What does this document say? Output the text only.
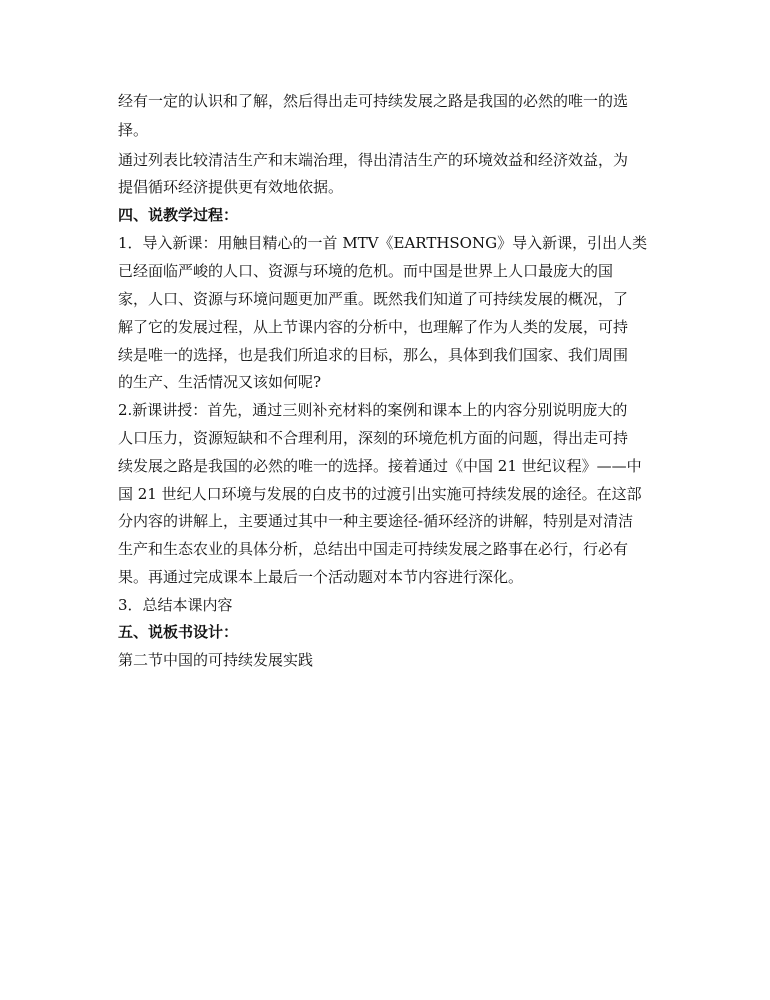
经有一定的认识和了解，然后得出走可持续发展之路是我国的必然的唯一的选
择。
通过列表比较清洁生产和末端治理，得出清洁生产的环境效益和经济效益，为
提倡循环经济提供更有效地依据。
四、说教学过程：
1．导入新课：用触目精心的一首 MTV《EARTHSONG》导入新课，引出人类
已经面临严峻的人口、资源与环境的危机。而中国是世界上人口最庞大的国
家，人口、资源与环境问题更加严重。既然我们知道了可持续发展的概况，了
解了它的发展过程，从上节课内容的分析中，也理解了作为人类的发展，可持
续是唯一的选择，也是我们所追求的目标，那么，具体到我们国家、我们周围
的生产、生活情况又该如何呢?
2.新课讲授：首先，通过三则补充材料的案例和课本上的内容分别说明庞大的
人口压力，资源短缺和不合理利用，深刻的环境危机方面的问题，得出走可持
续发展之路是我国的必然的唯一的选择。接着通过《中国 21 世纪议程》——中
国 21 世纪人口环境与发展的白皮书的过渡引出实施可持续发展的途径。在这部
分内容的讲解上，主要通过其中一种主要途径-循环经济的讲解，特别是对清洁
生产和生态农业的具体分析，总结出中国走可持续发展之路事在必行，行必有
果。再通过完成课本上最后一个活动题对本节内容进行深化。
3．总结本课内容
五、说板书设计：
第二节中国的可持续发展实践
